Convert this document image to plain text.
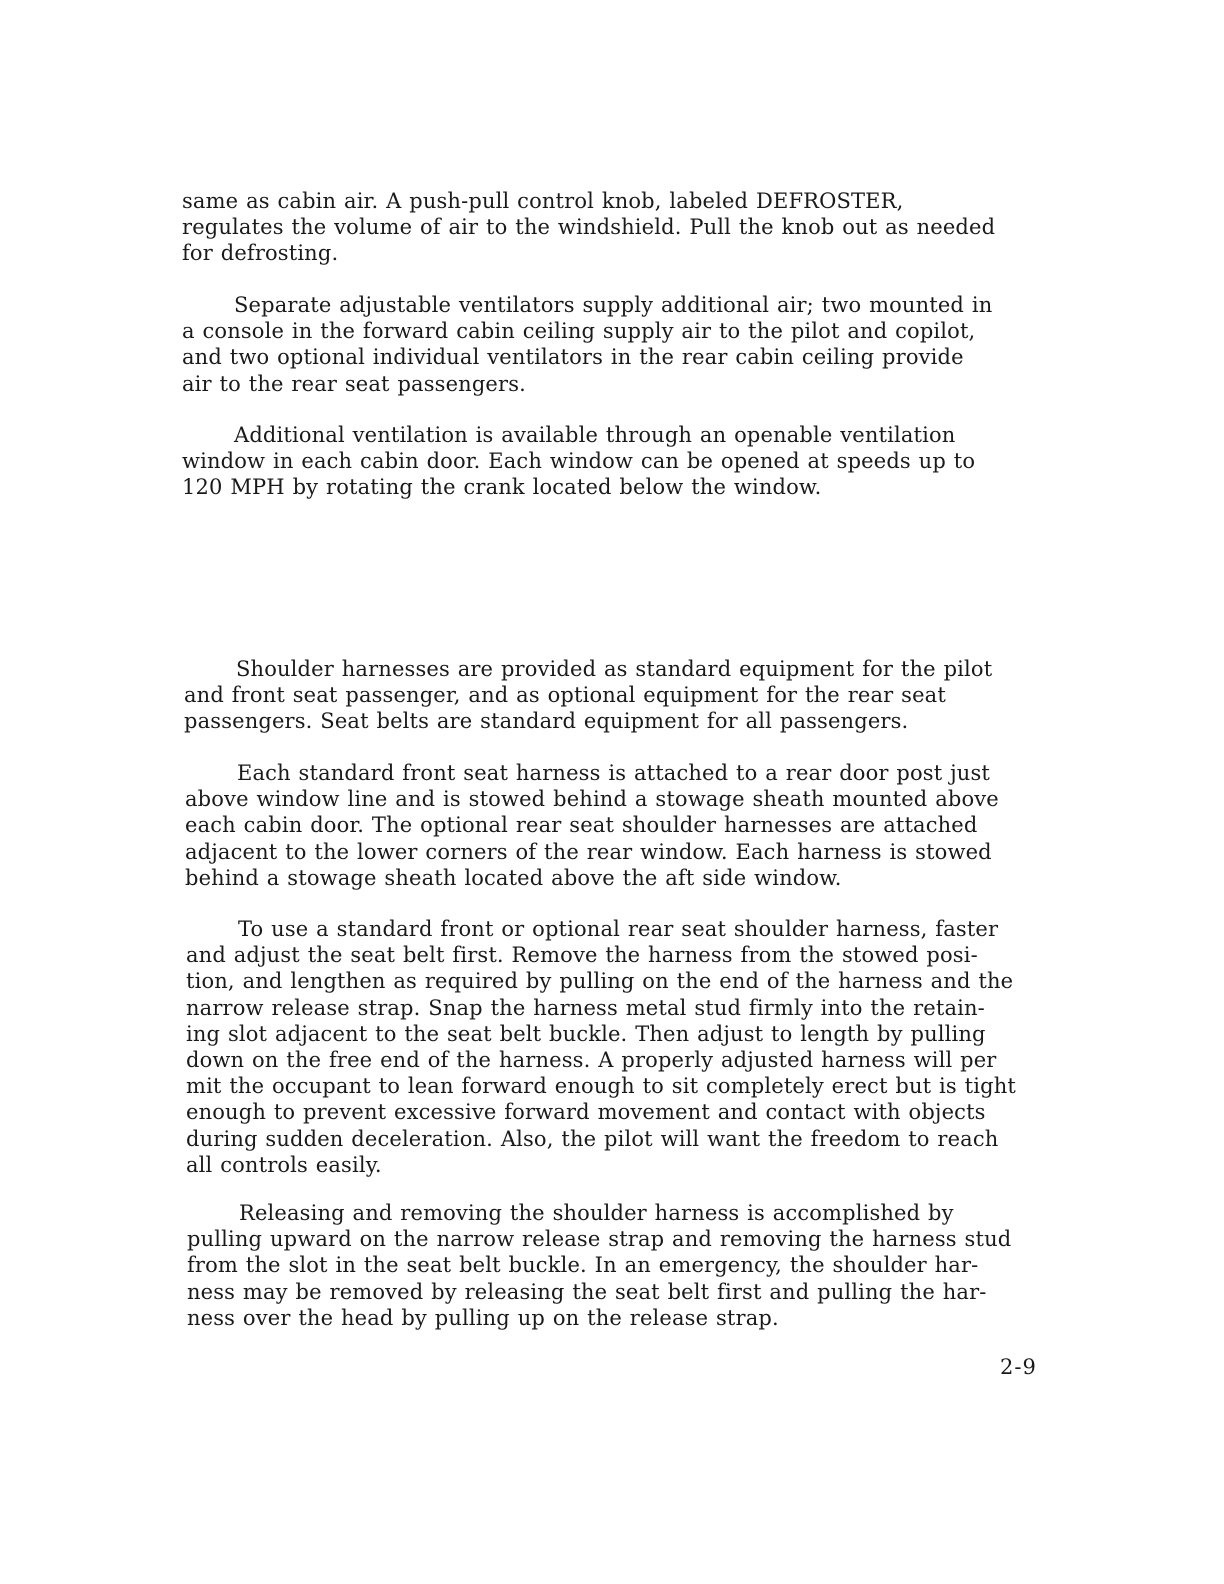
same as cabin air. A push-pull control knob, labeled DEFROSTER,
regulates the volume of air to the windshield. Pull the knob out as needed
for defrosting.

Separate adjustable ventilators supply additional air; two mounted in
a console in the forward cabin ceiling supply air to the pilot and copilot,
and two optional individual ventilators in the rear cabin ceiling provide
air to the rear seat passengers.

Additional ventilation is available through an openable ventilation
window in each cabin door. Each window can be opened at speeds up to
120 MPH by rotating the crank located below the window.

Shoulder harnesses are provided as standard equipment for the pilot
and front seat passenger, and as optional equipment for the rear seat
passengers. Seat belts are standard equipment for all passengers.

Each standard front seat harness is attached to a rear door post just
above window line and is stowed behind a stowage sheath mounted above
each cabin door. The optional rear seat shoulder harnesses are attached
adjacent to the lower corners of the rear window. Each harness is stowed
behind a stowage sheath located above the aft side window.

To use a standard front or optional rear seat shoulder harness, faster
and adjust the seat belt first. Remove the harness from the stowed posi-
tion, and lengthen as required by pulling on the end of the harness and the
narrow release strap. Snap the harness metal stud firmly into the retain-
ing slot adjacent to the seat belt buckle. Then adjust to length by pulling
down on the free end of the harness. A properly adjusted harness will per
mit the occupant to lean forward enough to sit completely erect but is tight
enough to prevent excessive forward movement and contact with objects
during sudden deceleration. Also, the pilot will want the freedom to reach
all controls easily.

Releasing and removing the shoulder harness is accomplished by
pulling upward on the narrow release strap and removing the harness stud
from the slot in the seat belt buckle. In an emergency, the shoulder har-
ness may be removed by releasing the seat belt first and pulling the har-
ness over the head by pulling up on the release strap.

2-9
